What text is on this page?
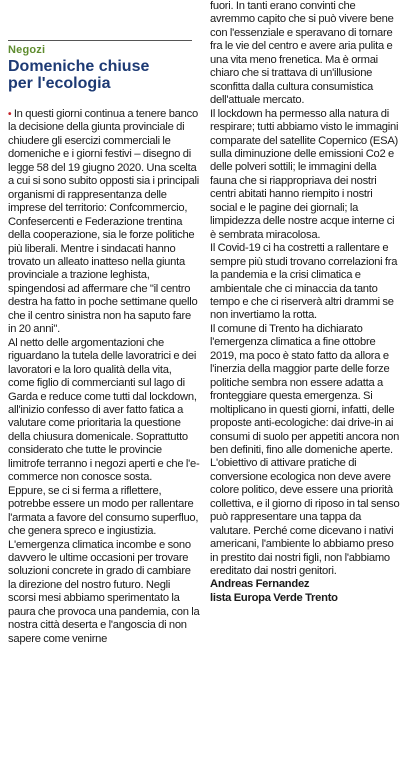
Negozi
Domeniche chiuse
per l'ecologia

• In questi giorni continua a tenere banco la decisione della giunta provinciale di chiudere gli esercizi commerciali le domeniche e i giorni festivi – disegno di legge 58 del 19 giugno 2020. Una scelta a cui si sono subito opposti sia i principali organismi di rappresentanza delle imprese del territorio: Confcommercio, Confesercenti e Federazione trentina della cooperazione, sia le forze politiche più liberali. Mentre i sindacati hanno trovato un alleato inatteso nella giunta provinciale a trazione leghista, spingendosi ad affermare che "il centro destra ha fatto in poche settimane quello che il centro sinistra non ha saputo fare in 20 anni".

Al netto delle argomentazioni che riguardano la tutela delle lavoratrici e dei lavoratori e la loro qualità della vita, come figlio di commercianti sul lago di Garda e reduce come tutti dal lockdown, all'inizio confesso di aver fatto fatica a valutare come prioritaria la questione della chiusura domenicale. Soprattutto considerato che tutte le provincie limitrofe terranno i negozi aperti e che l'e-commerce non conosce sosta.

Eppure, se ci si ferma a riflettere, potrebbe essere un modo per rallentare l'armata a favore del consumo superfluo, che genera spreco e ingiustizia. L'emergenza climatica incombe e sono davvero le ultime occasioni per trovare soluzioni concrete in grado di cambiare la direzione del nostro futuro. Negli scorsi mesi abbiamo sperimentato la paura che provoca una pandemia, con la nostra città deserta e l'angoscia di non sapere come venirne

fuori. In tanti erano convinti che avremmo capito che si può vivere bene con l'essenziale e speravano di tornare fra le vie del centro e avere aria pulita e una vita meno frenetica. Ma è ormai chiaro che si trattava di un'illusione sconfitta dalla cultura consumistica dell'attuale mercato.

Il lockdown ha permesso alla natura di respirare; tutti abbiamo visto le immagini comparate del satellite Copernico (ESA) sulla diminuzione delle emissioni Co2 e delle polveri sottili; le immagini della fauna che si riappropriava dei nostri centri abitati hanno riempito i nostri social e le pagine dei giornali; la limpidezza delle nostre acque interne ci è sembrata miracolosa.

Il Covid-19 ci ha costretti a rallentare e sempre più studi trovano correlazioni fra la pandemia e la crisi climatica e ambientale che ci minaccia da tanto tempo e che ci riserverà altri drammi se non invertiamo la rotta.

Il comune di Trento ha dichiarato l'emergenza climatica a fine ottobre 2019, ma poco è stato fatto da allora e l'inerzia della maggior parte delle forze politiche sembra non essere adatta a fronteggiare questa emergenza. Si moltiplicano in questi giorni, infatti, delle proposte anti-ecologiche: dai drive-in ai consumi di suolo per appetiti ancora non ben definiti, fino alle domeniche aperte.

L'obiettivo di attivare pratiche di conversione ecologica non deve avere colore politico, deve essere una priorità collettiva, e il giorno di riposo in tal senso può rappresentare una tappa da valutare. Perché come dicevano i nativi americani, l'ambiente lo abbiamo preso in prestito dai nostri figli, non l'abbiamo ereditato dai nostri genitori.

Andreas Fernandez

lista Europa Verde Trento
